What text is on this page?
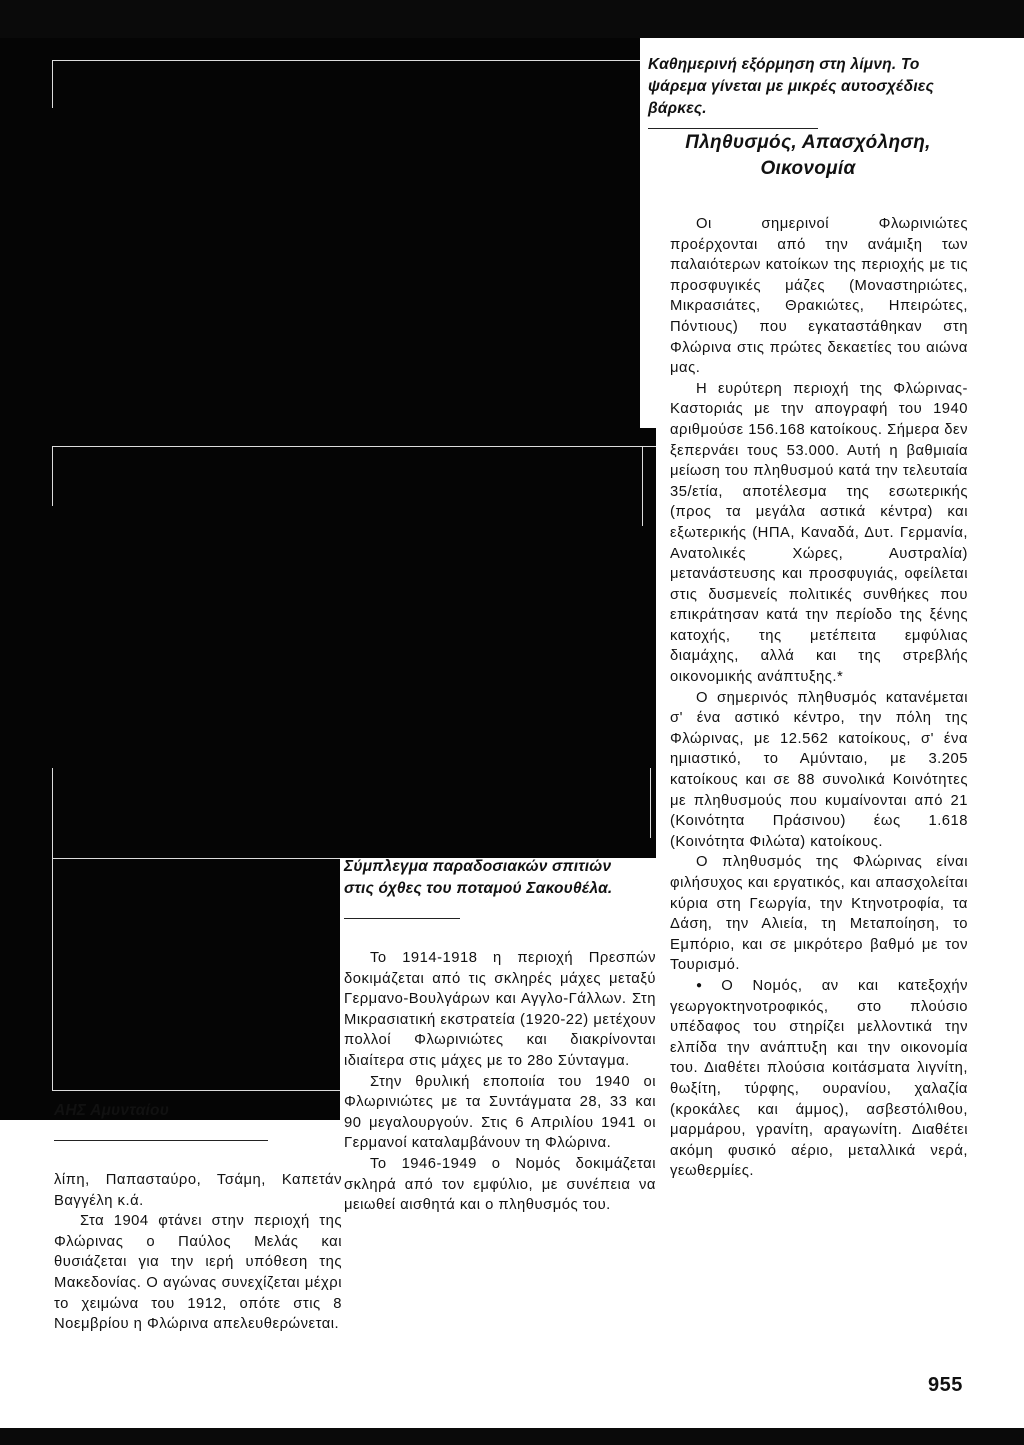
Καθημερινή εξόρμηση στη λίμνη. Το ψάρεμα γίνεται με μικρές αυτοσχέδιες βάρκες.
Σύμπλεγμα παραδοσιακών σπιτιών στις όχθες του ποταμού Σακουθέλα.
ΑΗΣ Αμυνταίου
Πληθυσμός, Απασχόληση, Οικονομία

λίπη, Παπασταύρο, Τσάμη, Καπετάν Βαγγέλη κ.ά.

Στα 1904 φτάνει στην περιοχή της Φλώρινας ο Παύλος Μελάς και θυσιάζεται για την ιερή υπόθεση της Μακεδονίας. Ο αγώνας συνεχίζεται μέχρι το χειμώνα του 1912, οπότε στις 8 Νοεμβρίου η Φλώρινα απελευθερώνεται.

Το 1914-1918 η περιοχή Πρεσπών δοκιμάζεται από τις σκληρές μάχες μεταξύ Γερμανο-Βουλγάρων και Αγγλο-Γάλλων. Στη Μικρασιατική εκστρατεία (1920-22) μετέχουν πολλοί Φλωρινιώτες και διακρίνονται ιδιαίτερα στις μάχες με το 28ο Σύνταγμα.

Στην θρυλική εποποιία του 1940 οι Φλωρινιώτες με τα Συντάγματα 28, 33 και 90 μεγαλουργούν. Στις 6 Απριλίου 1941 οι Γερμανοί καταλαμβάνουν τη Φλώρινα.

Το 1946-1949 ο Νομός δοκιμάζεται σκληρά από τον εμφύλιο, με συνέπεια να μειωθεί αισθητά και ο πληθυσμός του.

Οι σημερινοί Φλωρινιώτες προέρχονται από την ανάμιξη των παλαιότερων κατοίκων της περιοχής με τις προσφυγικές μάζες (Μοναστηριώτες, Μικρασιάτες, Θρακιώτες, Ηπειρώτες, Πόντιους) που εγκαταστάθηκαν στη Φλώρινα στις πρώτες δεκαετίες του αιώνα μας.

Η ευρύτερη περιοχή της Φλώρινας-Καστοριάς με την απογραφή του 1940 αριθμούσε 156.168 κατοίκους. Σήμερα δεν ξεπερνάει τους 53.000. Αυτή η βαθμιαία μείωση του πληθυσμού κατά την τελευταία 35/ετία, αποτέλεσμα της εσωτερικής (προς τα μεγάλα αστικά κέντρα) και εξωτερικής (ΗΠΑ, Καναδά, Δυτ. Γερμανία, Ανατολικές Χώρες, Αυστραλία) μετανάστευσης και προσφυγιάς, οφείλεται στις δυσμενείς πολιτικές συνθήκες που επικράτησαν κατά την περίοδο της ξένης κατοχής, της μετέπειτα εμφύλιας διαμάχης, αλλά και της στρεβλής οικονομικής ανάπτυξης.*

Ο σημερινός πληθυσμός κατανέμεται σ' ένα αστικό κέντρο, την πόλη της Φλώρινας, με 12.562 κατοίκους, σ' ένα ημιαστικό, το Αμύνταιο, με 3.205 κατοίκους και σε 88 συνολικά Κοινότητες με πληθυσμούς που κυμαίνονται από 21 (Κοινότητα Πράσινου) έως 1.618 (Κοινότητα Φιλώτα) κατοίκους.

Ο πληθυσμός της Φλώρινας είναι φιλήσυχος και εργατικός, και απασχολείται κύρια στη Γεωργία, την Κτηνοτροφία, τα Δάση, την Αλιεία, τη Μεταποίηση, το Εμπόριο, και σε μικρότερο βαθμό με τον Τουρισμό.

● Ο Νομός, αν και κατεξοχήν γεωργοκτηνοτροφικός, στο πλούσιο υπέδαφος του στηρίζει μελλοντικά την ελπίδα την ανάπτυξη και την οικονομία του. Διαθέτει πλούσια κοιτάσματα λιγνίτη, θωξίτη, τύρφης, ουρανίου, χαλαζία (κροκάλες και άμμος), ασβεστόλιθου, μαρμάρου, γρανίτη, αραγωνίτη. Διαθέτει ακόμη φυσικό αέριο, μεταλλικά νερά, γεωθερμίες.

955
